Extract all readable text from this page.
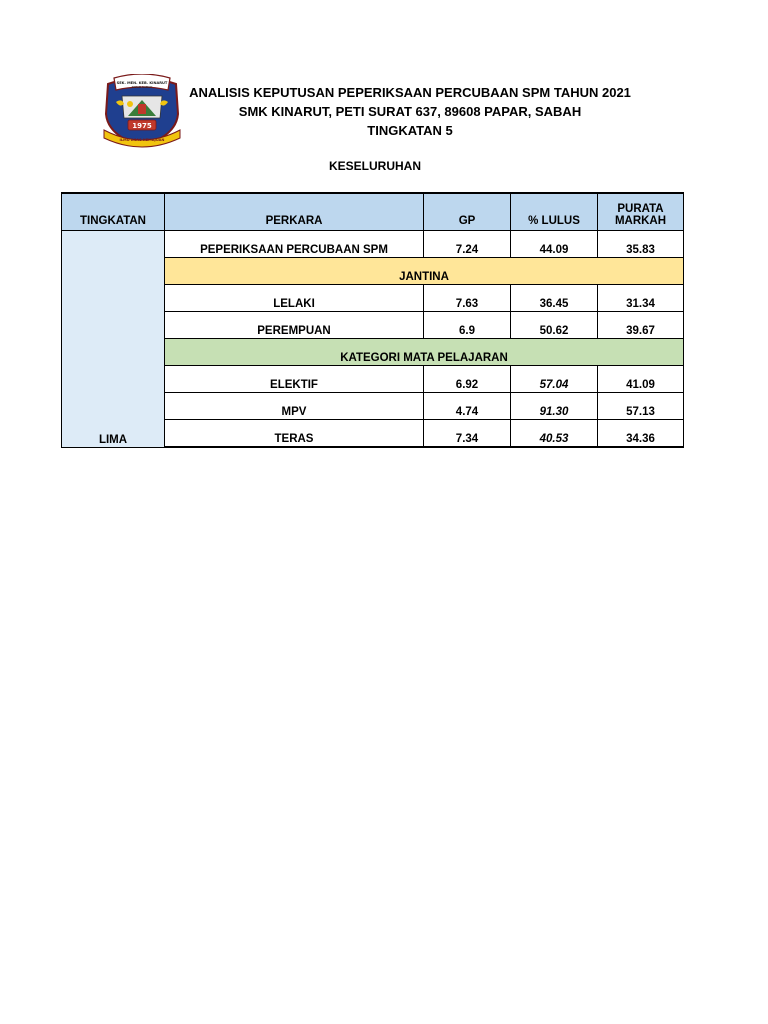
SEK. MEN. KEB. KINARUT
PAPAR SABAH
1975
ILMU ASAS KEMAJUAN
ANALISIS KEPUTUSAN PEPERIKSAAN PERCUBAAN SPM TAHUN 2021
SMK KINARUT, PETI SURAT 637, 89608 PAPAR, SABAH
TINGKATAN 5
KESELURUHAN
TINGKATAN	PERKARA	GP	% LULUS	PURATA
MARKAH
LIMA	PEPERIKSAAN PERCUBAAN SPM	7.24	44.09	35.83
	JANTINA			
	LELAKI	7.63	36.45	31.34
	PEREMPUAN	6.9	50.62	39.67
	KATEGORI MATA PELAJARAN			
	ELEKTIF	6.92	57.04	41.09
	MPV	4.74	91.30	57.13
	TERAS	7.34	40.53	34.36
